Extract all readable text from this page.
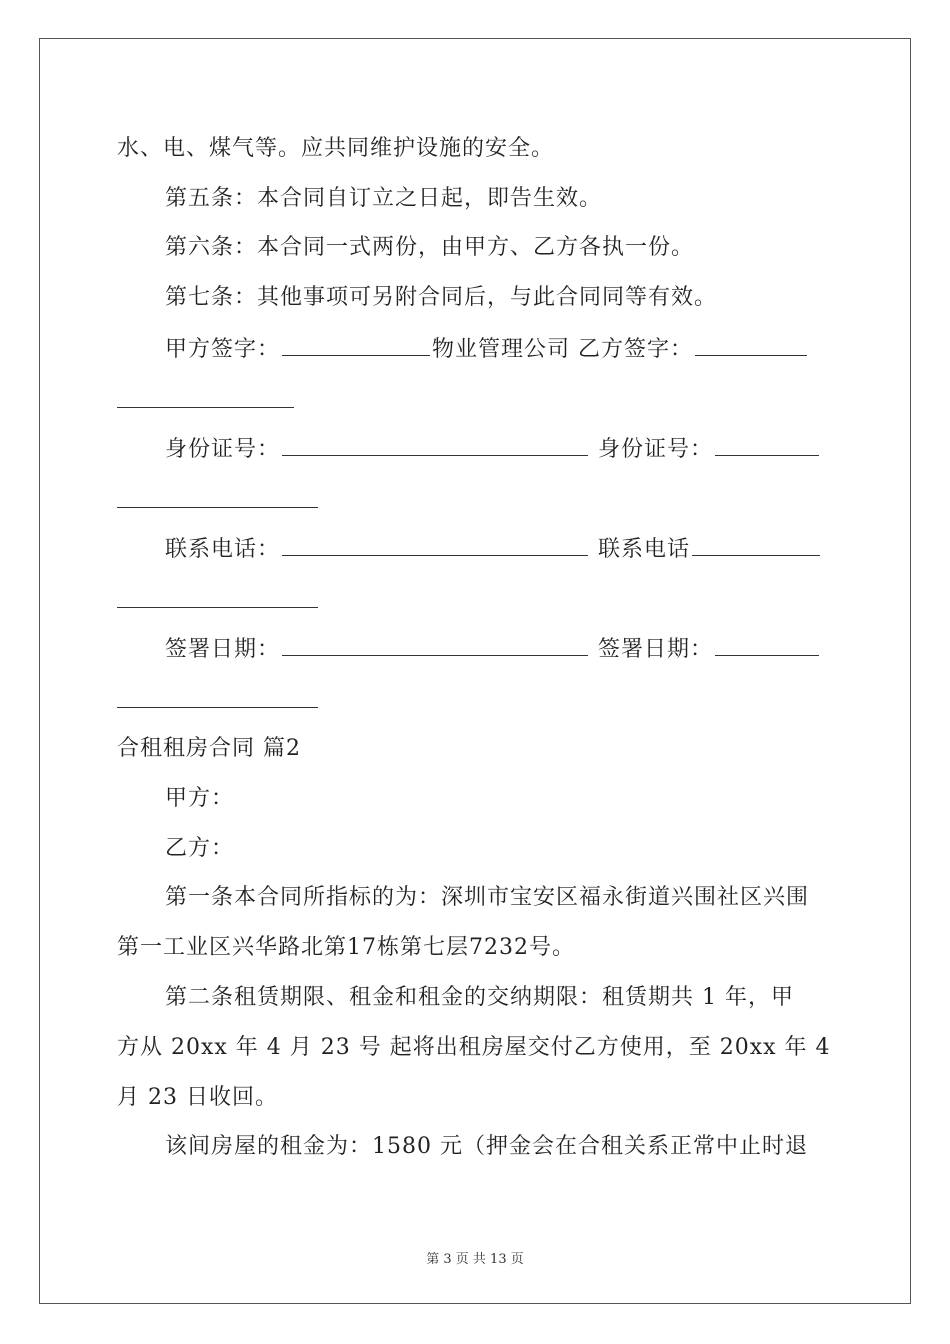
水、电、煤气等。应共同维护设施的安全。
第五条：本合同自订立之日起，即告生效。
第六条：本合同一式两份，由甲方、乙方各执一份。
第七条：其他事项可另附合同后，与此合同同等有效。
甲方签字：	物业管理公司 乙方签字：
身份证号：	身份证号：
联系电话：	联系电话
签署日期：	签署日期：
合租租房合同 篇2
甲方：
乙方：
第一条本合同所指标的为：深圳市宝安区福永街道兴围社区兴围
第一工业区兴华路北第17栋第七层7232号。
第二条租赁期限、租金和租金的交纳期限：租赁期共 1 年，甲
方从 20xx 年 4 月 23 号 起将出租房屋交付乙方使用，至 20xx 年 4
月 23 日收回。
该间房屋的租金为：1580 元（押金会在合租关系正常中止时退
第 3 页 共 13 页
